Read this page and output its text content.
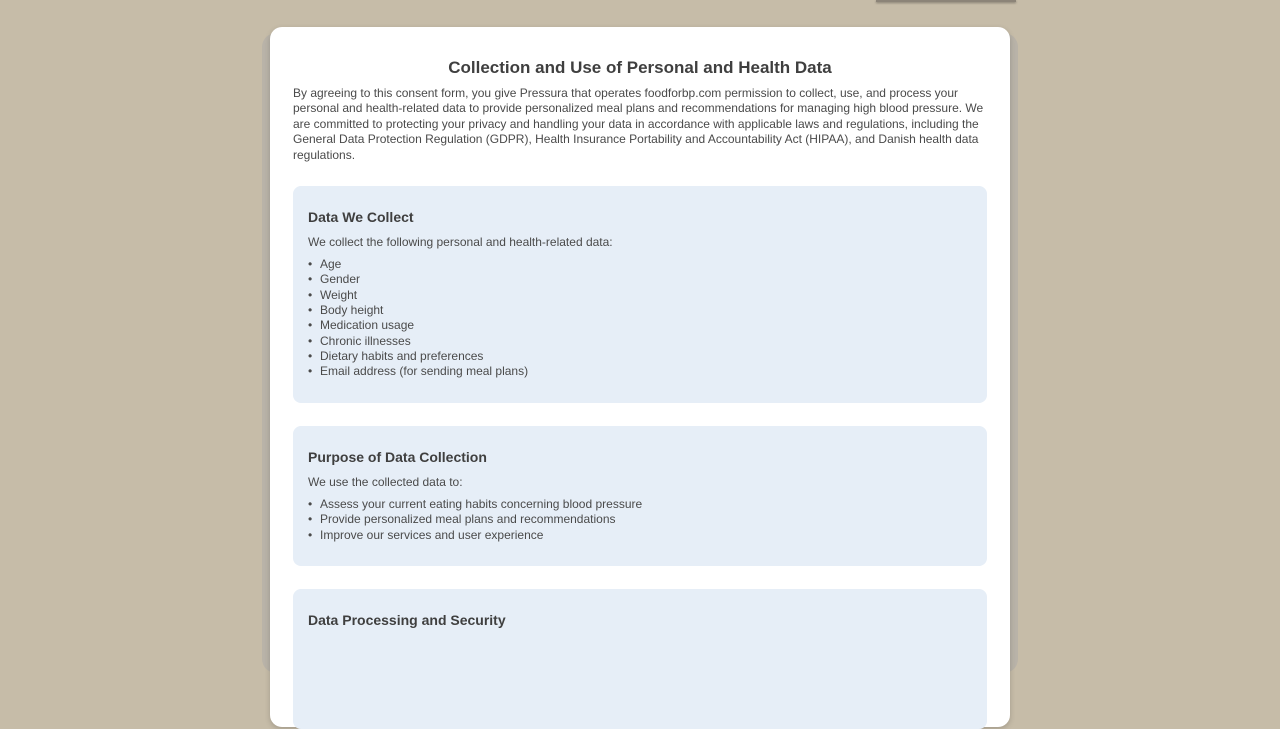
Collection and Use of Personal and Health Data

By agreeing to this consent form, you give Pressura that operates foodforbp.com permission to collect, use, and process your personal and health-related data to provide personalized meal plans and recommendations for managing high blood pressure. We are committed to protecting your privacy and handling your data in accordance with applicable laws and regulations, including the General Data Protection Regulation (GDPR), Health Insurance Portability and Accountability Act (HIPAA), and Danish health data regulations.

Data We Collect

We collect the following personal and health-related data:

• Age
• Gender
• Weight
• Body height
• Medication usage
• Chronic illnesses
• Dietary habits and preferences
• Email address (for sending meal plans)
Purpose of Data Collection

We use the collected data to:

• Assess your current eating habits concerning blood pressure
• Provide personalized meal plans and recommendations
• Improve our services and user experience
Data Processing and Security
